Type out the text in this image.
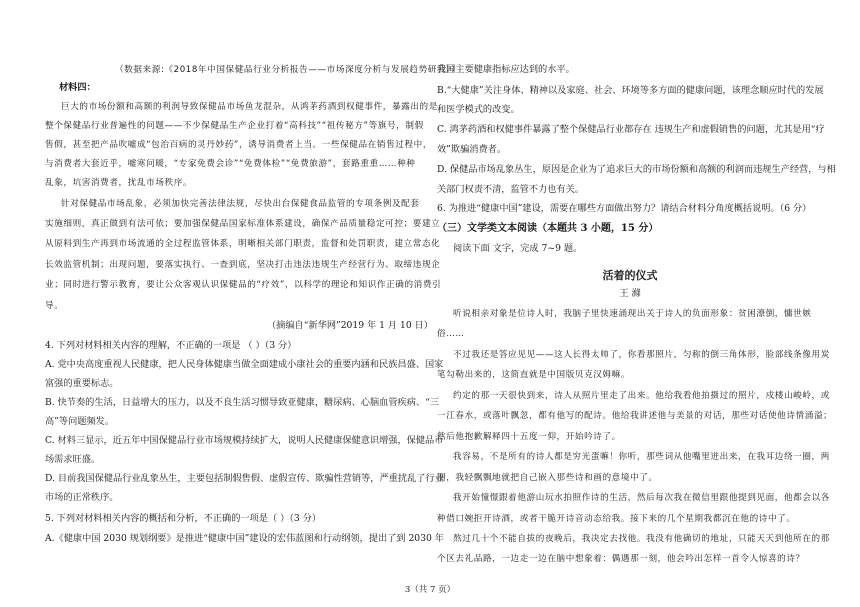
（数据来源:《2018年中国保健品行业分析报告——市场深度分析与发展趋势研究》）
材料四：
巨大的市场份额和高额的利润导致保健品市场鱼龙混杂，从鸿茅药酒到权健事件，暴露出的是
整个保健品行业普遍性的问题——不少保健品生产企业打着“高科技”“祖传秘方”等旗号，制假
售假，甚至把产品吹嘘成“包治百病的灵丹妙药”，诱导消费者上当。一些保健品在销售过程中，
与消费者大套近乎，嘘寒问暖，“专家免费会诊”“免费体检”“免费旅游”，套路重重……种种
乱象，坑害消费者，扰乱市场秩序。
针对保健品市场乱象，必须加快完善法律法规，尽快出台保健食品监管的专项条例及配套
实施细则，真正做到有法可依；要加强保健品国家标准体系建设，确保产品质量稳定可控；要建立
从原料到生产再到市场流通的全过程监管体系，明晰相关部门职责，监督和处罚职责，建立常态化
长效监管机制；出现问题，要落实执行、一查到底，坚决打击违法违规生产经营行为、取缔违规企
业；同时进行警示教育，要让公众客观认识保健品的“疗效”，以科学的理论和知识作正确的消费引
导。
（摘编自“新华网”2019 年 1 月 10 日）
4. 下列对材料相关内容的理解，不正确的一项是 （ ）（3 分）
A. 党中央高度重视人民健康，把人民身体健康当做全面建成小康社会的重要内涵和民族昌盛、国家
富强的重要标志。
B. 快节奏的生活，日益增大的压力，以及不良生活习惯导致亚健康，糖尿病、心脑血管疾病、“三
高”等问题频发。
C. 材料三显示，近五年中国保健品行业市场规模持续扩大，说明人民健康保健意识增强，保健品市
场需求旺盛。
D. 目前我国保健品行业乱象丛生，主要包括制假售假、虚假宣传、欺骗性营销等，严重扰乱了行业
市场的正常秩序。
5. 下列对材料相关内容的概括和分析，不正确的一项是（ ）（3 分）
A.《健康中国 2030 规划纲要》是推进“健康中国”建设的宏伟蓝图和行动纲领，提出了到 2030 年
我国主要健康指标应达到的水平。
B.“大健康”关注身体、精神以及家庭、社会、环境等多方面的健康问题，该理念顺应时代的发展
和医学模式的改变。
C. 鸿茅药酒和权健事件暴露了整个保健品行业都存在 违规生产和虚假销售的问题，尤其是用“疗
效”欺骗消费者。
D. 保健品市场乱象丛生，原因是企业为了追求巨大的市场份额和高额的利润而违规生产经营，与相
关部门权责不清，监管不力也有关。
6. 为推进“健康中国”建设，需要在哪些方面做出努力？请结合材料分角度概括说明。（6 分）
（三）文学类文本阅读（本题共 3 小题，15 分）
阅读下面 文字，完成 7~9 题。
活着的仪式
王 滌
听说相亲对象是位诗人时，我脑子里快速涌现出关于诗人的负面形象：贫困潦倒，慵世嫉
俗……
不过我还是答应见见——这人长得太帅了，你看那照片，匀称的倒三角体形，脸部线条像用炭
笔勾勒出来的，这简直就是中国版贝克汉姆嘛。
约定的那一天很快到来，诗人从照片里走了出来。他给我看他拍摄过的照片，戍楼山峻岭，或
一江春水，或落叶飘忽，都有他写的配诗。他给我讲述他与美景的对话，那些对话使他诗情涌溢；
然后他抱歉解释四十五度一仰，开始吟诗了。
我容易，不是所有的诗人都是穷光蛋嘛！你听，那些词从他嘴里迸出来，在我耳边绕一圈，两
圈，我轻飘飘地就把自己嵌入那些诗和画的意境中了。
我开始憧憬跟着他游山玩水拍照作诗的生活，然后每次我在微信里跟他提到见面，他都会以各
种借口婉拒开诗酒，或者干脆开诗音动态给我。接下来的几个星期我都沉在他的诗中了。
熬过几十个不能自拔的夜晚后，我决定去找他。我没有他确切的地址，只能天天到他所在的那
个区去礼品路，一边走一边在脑中想象着：偶遇那一刻，他会吟出怎样一首令人惊喜的诗？
3（共 7 页）
